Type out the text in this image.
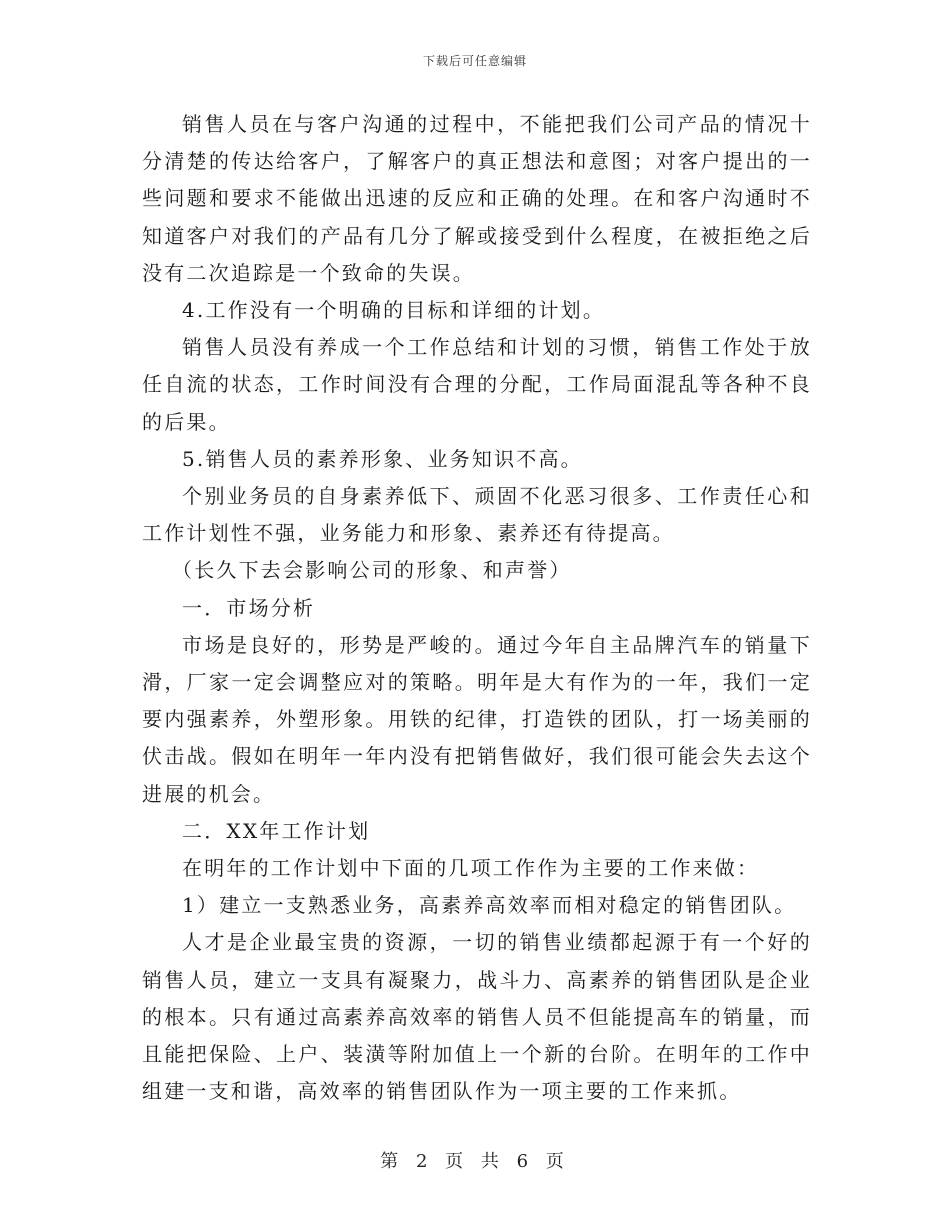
下载后可任意编辑

销售人员在与客户沟通的过程中，不能把我们公司产品的情况十分清楚的传达给客户，了解客户的真正想法和意图；对客户提出的一些问题和要求不能做出迅速的反应和正确的处理。在和客户沟通时不知道客户对我们的产品有几分了解或接受到什么程度，在被拒绝之后没有二次追踪是一个致命的失误。

4.工作没有一个明确的目标和详细的计划。

销售人员没有养成一个工作总结和计划的习惯，销售工作处于放任自流的状态，工作时间没有合理的分配，工作局面混乱等各种不良的后果。

5.销售人员的素养形象、业务知识不高。

个别业务员的自身素养低下、顽固不化恶习很多、工作责任心和工作计划性不强，业务能力和形象、素养还有待提高。

（长久下去会影响公司的形象、和声誉）

一．市场分析

市场是良好的，形势是严峻的。通过今年自主品牌汽车的销量下滑，厂家一定会调整应对的策略。明年是大有作为的一年，我们一定要内强素养，外塑形象。用铁的纪律，打造铁的团队，打一场美丽的伏击战。假如在明年一年内没有把销售做好，我们很可能会失去这个进展的机会。

二．XX年工作计划

在明年的工作计划中下面的几项工作作为主要的工作来做：

1）建立一支熟悉业务，高素养高效率而相对稳定的销售团队。

人才是企业最宝贵的资源，一切的销售业绩都起源于有一个好的销售人员，建立一支具有凝聚力，战斗力、高素养的销售团队是企业的根本。只有通过高素养高效率的销售人员不但能提高车的销量，而且能把保险、上户、装潢等附加值上一个新的台阶。在明年的工作中组建一支和谐，高效率的销售团队作为一项主要的工作来抓。

第 2 页 共 6 页
